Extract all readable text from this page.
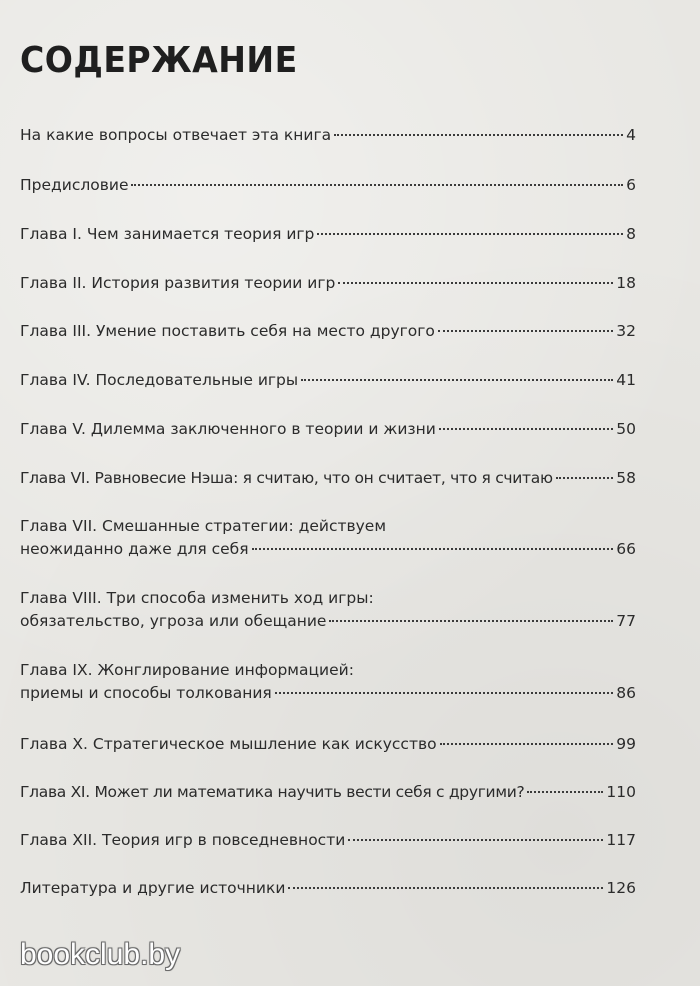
СОДЕРЖАНИЕ
На какие вопросы отвечает эта книга	4
Предисловие	6
Глава I. Чем занимается теория игр	8
Глава II. История развития теории игр	18
Глава III. Умение поставить себя на место другого	32
Глава IV. Последовательные игры	41
Глава V. Дилемма заключенного в теории и жизни	50
Глава VI. Равновесие Нэша: я считаю, что он считает, что я считаю	58
Глава VII. Смешанные стратегии: действуем
неожиданно даже для себя	66
Глава VIII. Три способа изменить ход игры:
обязательство, угроза или обещание	77
Глава IX. Жонглирование информацией:
приемы и способы толкования	86
Глава X. Стратегическое мышление как искусство	99
Глава XI. Может ли математика научить вести себя с другими?	110
Глава XII. Теория игр в повседневности	117
Литература и другие источники	126
bookclub.by
